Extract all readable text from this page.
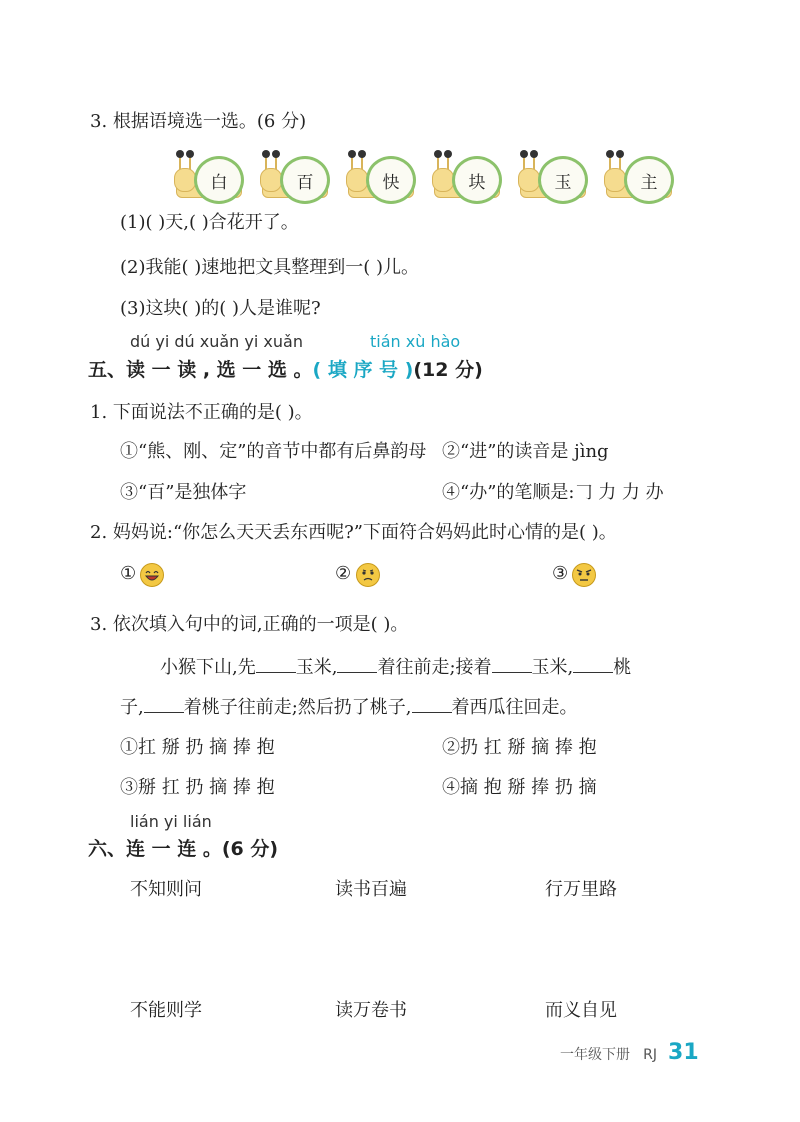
3. 根据语境选一选。(6 分)
白	百	快	块	玉	主
(1)( )天,( )合花开了。
(2)我能( )速地把文具整理到一( )儿。
(3)这块( )的( )人是谁呢?
dú yi dú xuǎn yi xuǎn	tián xù hào
五、读 一 读 , 选 一 选 。( 填 序 号 )(12 分)
1. 下面说法不正确的是( )。
①“熊、刚、定”的音节中都有后鼻韵母 ②“进”的读音是 jìng
③“百”是独体字	④“办”的笔顺是:𠃌 力 力 办
2. 妈妈说:“你怎么天天丢东西呢?”下面符合妈妈此时心情的是( )。
①	②	③
3. 依次填入句中的词,正确的一项是( )。
小猴下山,先 玉米, 着往前走;接着 玉米, 桃
子, 着桃子往前走;然后扔了桃子, 着西瓜往回走。
①扛 掰 扔 摘 捧 抱	②扔 扛 掰 摘 捧 抱
③掰 扛 扔 摘 捧 抱	④摘 抱 掰 捧 扔 摘
lián yi lián
六、连 一 连 。(6 分)
不知则问	读书百遍	行万里路
不能则学	读万卷书	而义自见
一年级下册 RJ 31
